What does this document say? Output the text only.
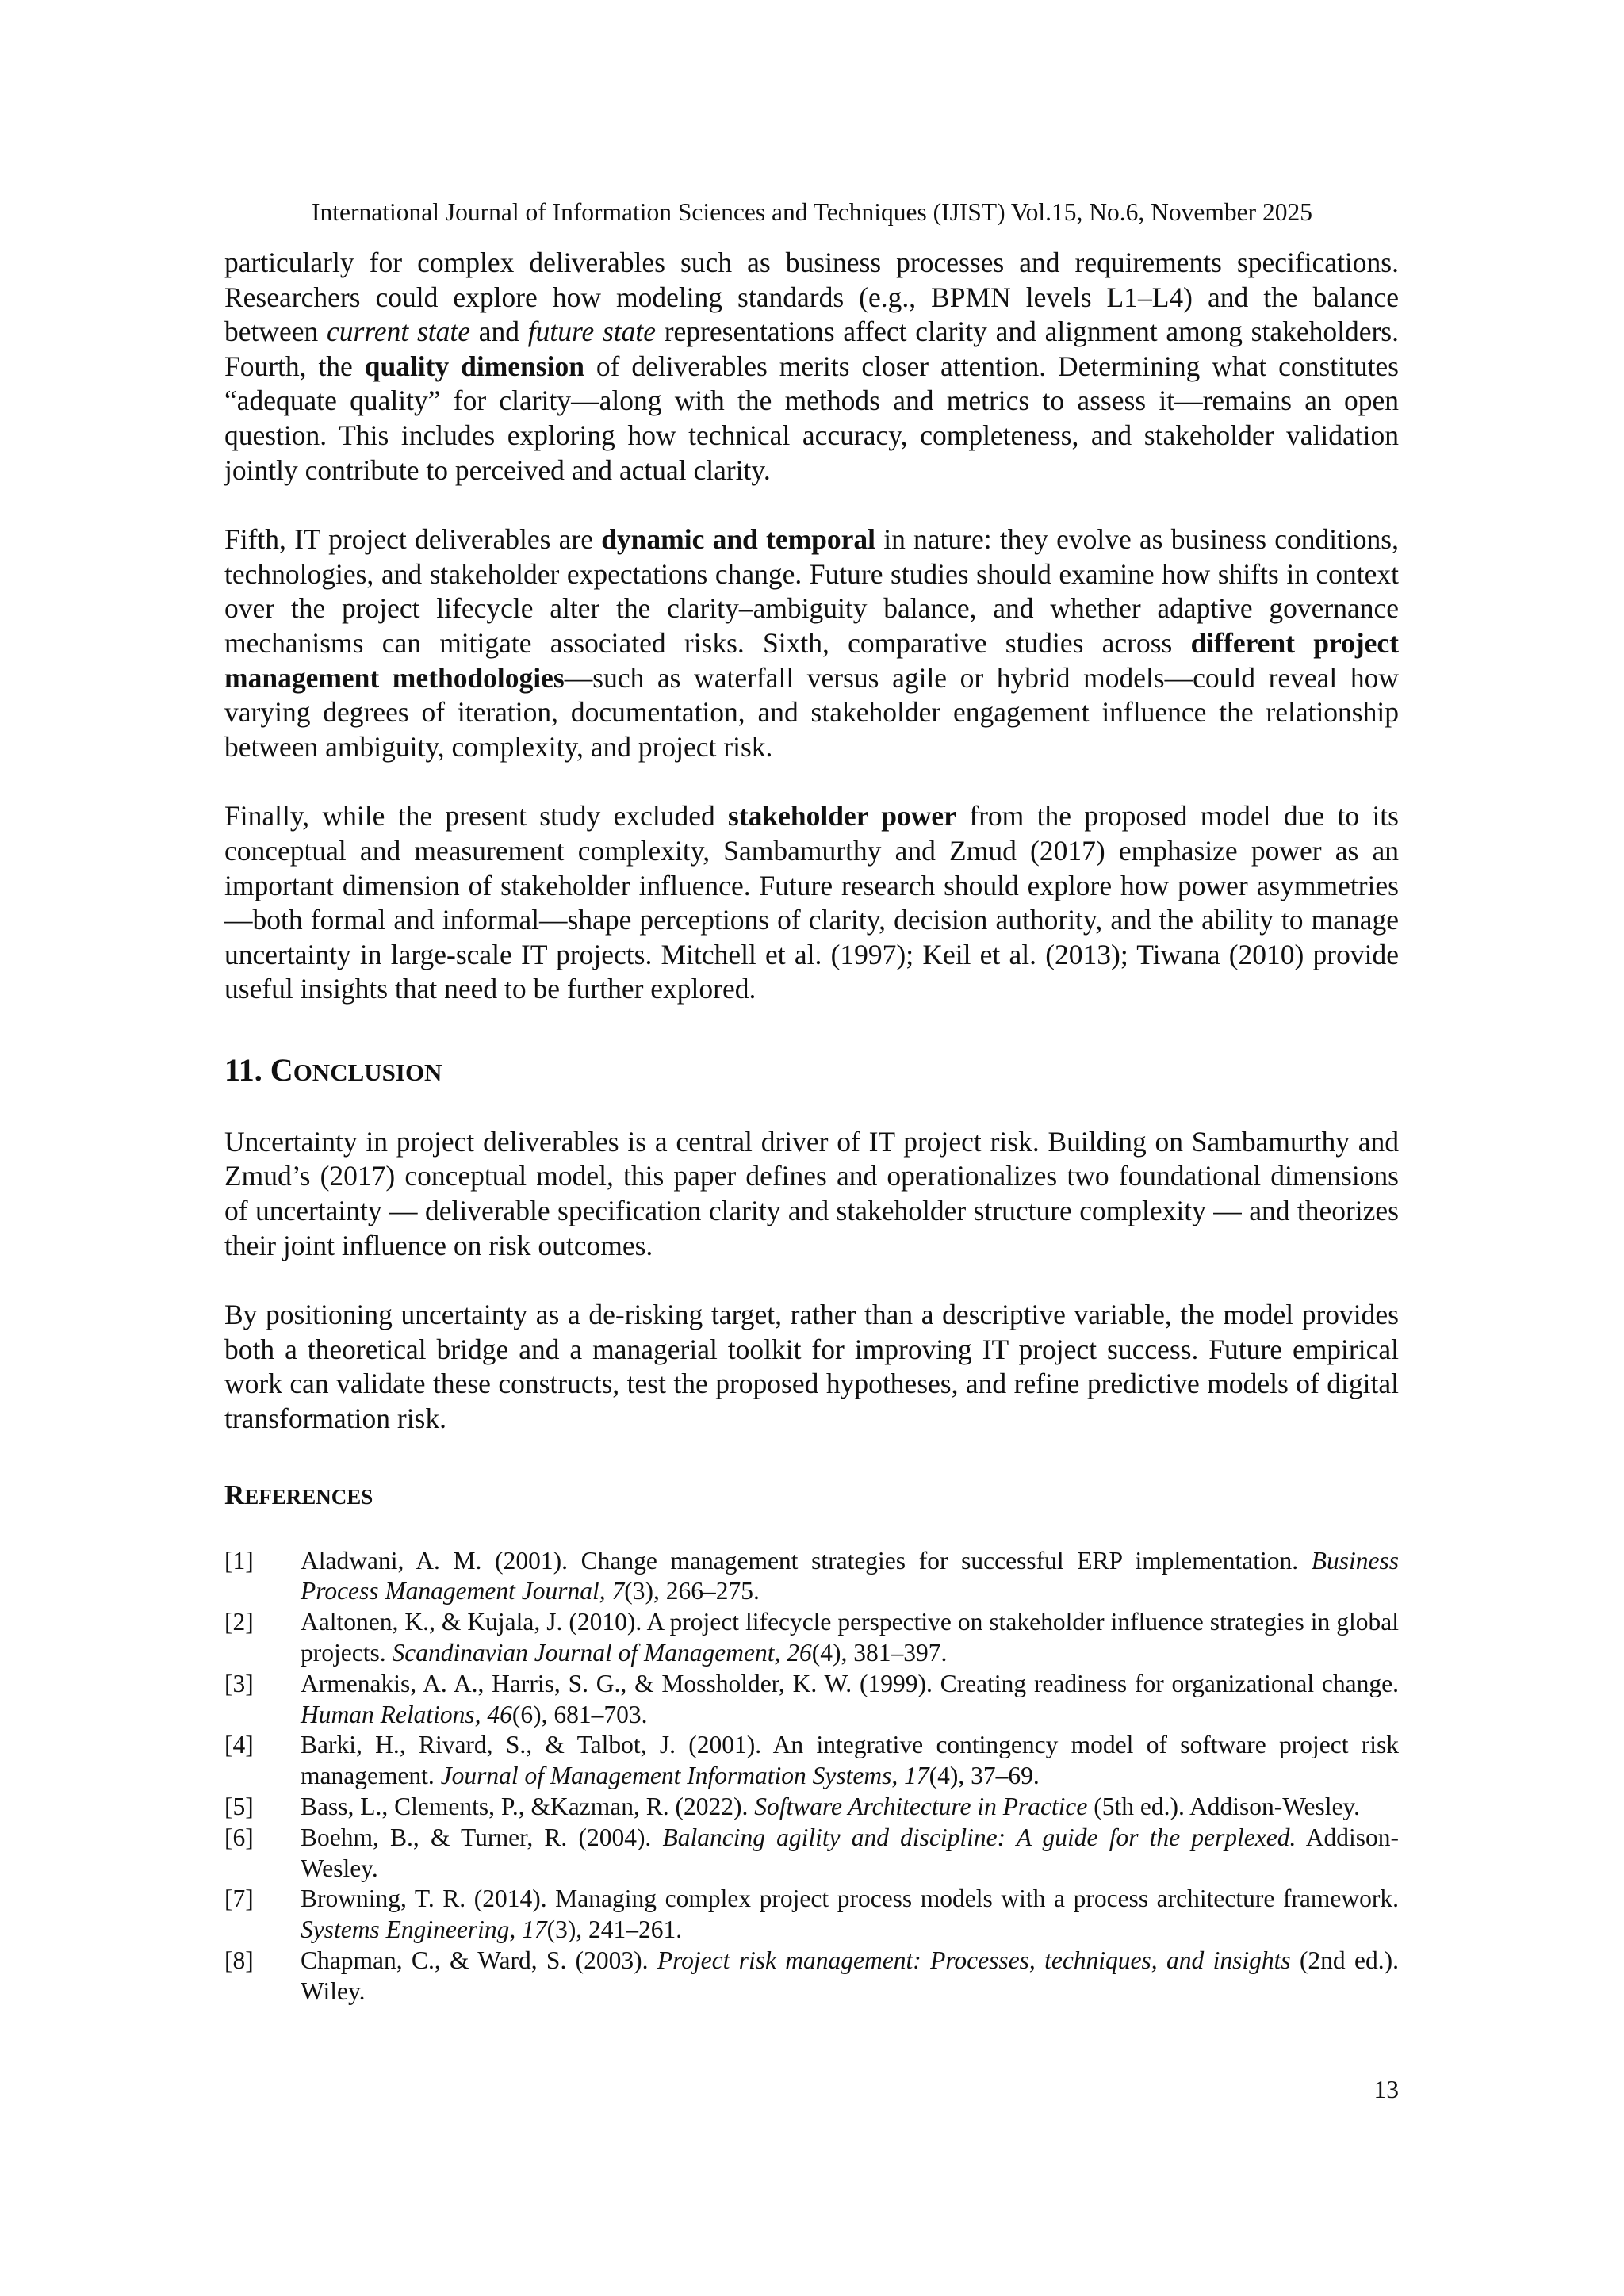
International Journal of Information Sciences and Techniques (IJIST) Vol.15, No.6, November 2025

particularly for complex deliverables such as business processes and requirements specifications. Researchers could explore how modeling standards (e.g., BPMN levels L1–L4) and the balance between current state and future state representations affect clarity and alignment among stakeholders. Fourth, the quality dimension of deliverables merits closer attention. Determining what constitutes “adequate quality” for clarity—along with the methods and metrics to assess it—remains an open question. This includes exploring how technical accuracy, completeness, and stakeholder validation jointly contribute to perceived and actual clarity.

Fifth, IT project deliverables are dynamic and temporal in nature: they evolve as business conditions, technologies, and stakeholder expectations change. Future studies should examine how shifts in context over the project lifecycle alter the clarity–ambiguity balance, and whether adaptive governance mechanisms can mitigate associated risks. Sixth, comparative studies across different project management methodologies—such as waterfall versus agile or hybrid models—could reveal how varying degrees of iteration, documentation, and stakeholder engagement influence the relationship between ambiguity, complexity, and project risk.

Finally, while the present study excluded stakeholder power from the proposed model due to its conceptual and measurement complexity, Sambamurthy and Zmud (2017) emphasize power as an important dimension of stakeholder influence. Future research should explore how power asymmetries—both formal and informal—shape perceptions of clarity, decision authority, and the ability to manage uncertainty in large-scale IT projects. Mitchell et al. (1997); Keil et al. (2013); Tiwana (2010) provide useful insights that need to be further explored.

11. CONCLUSION

Uncertainty in project deliverables is a central driver of IT project risk. Building on Sambamurthy and Zmud’s (2017) conceptual model, this paper defines and operationalizes two foundational dimensions of uncertainty — deliverable specification clarity and stakeholder structure complexity — and theorizes their joint influence on risk outcomes.

By positioning uncertainty as a de-risking target, rather than a descriptive variable, the model provides both a theoretical bridge and a managerial toolkit for improving IT project success. Future empirical work can validate these constructs, test the proposed hypotheses, and refine predictive models of digital transformation risk.

REFERENCES
[1]	Aladwani, A. M. (2001). Change management strategies for successful ERP implementation. Business Process Management Journal, 7(3), 266–275.
[2]	Aaltonen, K., & Kujala, J. (2010). A project lifecycle perspective on stakeholder influence strategies in global projects. Scandinavian Journal of Management, 26(4), 381–397.
[3]	Armenakis, A. A., Harris, S. G., & Mossholder, K. W. (1999). Creating readiness for organizational change. Human Relations, 46(6), 681–703.
[4]	Barki, H., Rivard, S., & Talbot, J. (2001). An integrative contingency model of software project risk management. Journal of Management Information Systems, 17(4), 37–69.
[5]	Bass, L., Clements, P., &Kazman, R. (2022). Software Architecture in Practice (5th ed.). Addison-Wesley.
[6]	Boehm, B., & Turner, R. (2004). Balancing agility and discipline: A guide for the perplexed. Addison-Wesley.
[7]	Browning, T. R. (2014). Managing complex project process models with a process architecture framework. Systems Engineering, 17(3), 241–261.
[8]	Chapman, C., & Ward, S. (2003). Project risk management: Processes, techniques, and insights (2nd ed.). Wiley.
13
